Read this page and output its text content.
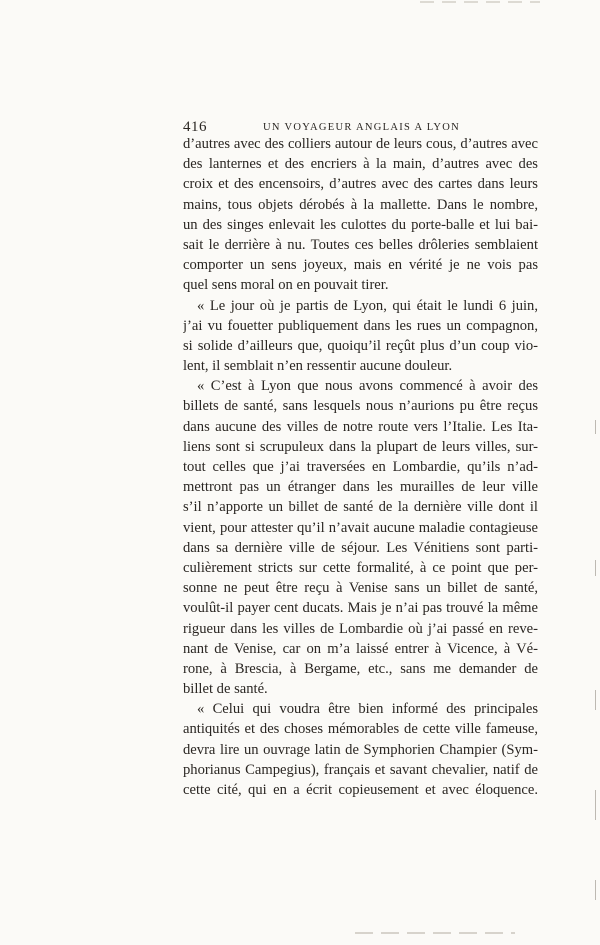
416	UN VOYAGEUR ANGLAIS A LYON

d’autres avec des colliers autour de leurs cous, d’autres avec
des lanternes et des encriers à la main, d’autres avec des
croix et des encensoirs, d’autres avec des cartes dans leurs
mains, tous objets dérobés à la mallette. Dans le nombre,
un des singes enlevait les culottes du porte-balle et lui bai-
sait le derrière à nu. Toutes ces belles drôleries semblaient
comporter un sens joyeux, mais en vérité je ne vois pas
quel sens moral on en pouvait tirer.
« Le jour où je partis de Lyon, qui était le lundi 6 juin,
j’ai vu fouetter publiquement dans les rues un compagnon,
si solide d’ailleurs que, quoiqu’il reçût plus d’un coup vio-
lent, il semblait n’en ressentir aucune douleur.
« C’est à Lyon que nous avons commencé à avoir des
billets de santé, sans lesquels nous n’aurions pu être reçus
dans aucune des villes de notre route vers l’Italie. Les Ita-
liens sont si scrupuleux dans la plupart de leurs villes, sur-
tout celles que j’ai traversées en Lombardie, qu’ils n’ad-
mettront pas un étranger dans les murailles de leur ville
s’il n’apporte un billet de santé de la dernière ville dont il
vient, pour attester qu’il n’avait aucune maladie contagieuse
dans sa dernière ville de séjour. Les Vénitiens sont parti-
culièrement stricts sur cette formalité, à ce point que per-
sonne ne peut être reçu à Venise sans un billet de santé,
voulût-il payer cent ducats. Mais je n’ai pas trouvé la même
rigueur dans les villes de Lombardie où j’ai passé en reve-
nant de Venise, car on m’a laissé entrer à Vicence, à Vé-
rone, à Brescia, à Bergame, etc., sans me demander de
billet de santé.
« Celui qui voudra être bien informé des principales
antiquités et des choses mémorables de cette ville fameuse,
devra lire un ouvrage latin de Symphorien Champier (Sym-
phorianus Campegius), français et savant chevalier, natif de
cette cité, qui en a écrit copieusement et avec éloquence.
